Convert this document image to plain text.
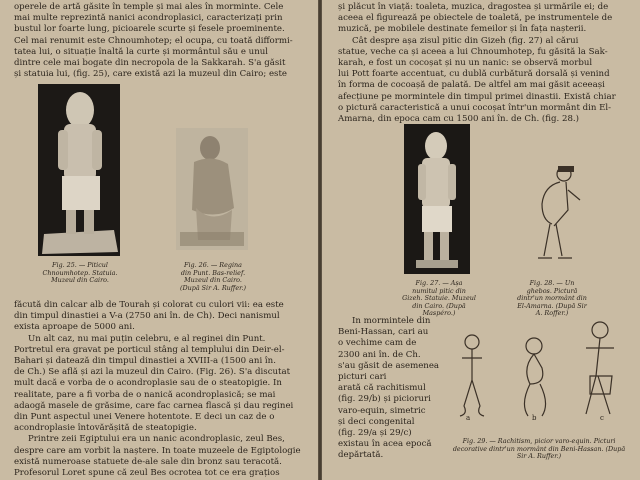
operele de artă găsite în temple și mai ales în morminte. Cele

mai multe reprezintă nanici acondroplasici, caracterizați prin

bustul lor foarte lung, picioarele scurte și fesele proeminente.

Cel mai renumit este Chnoumhotep; el ocupa, cu toată difformi-

tatea lui, o situație înaltă la curte și mormântul său e unul

dintre cele mai bogate din necropola de la Sakkarah. S'a găsit

și statuia lui, (fig. 25), care există azi la muzeul din Cairo; este

Fig. 25. — Piticul Chnoumhotep. Statuia. Muzeul din Cairo.

Fig. 26. — Regina din Punt. Bas-relief. Muzeul din Cairo. (După Sir A. Ruffer.)

făcută din calcar alb de Tourah și colorat cu culori vii: ea este

din timpul dinastiei a V-a (2750 ani în. de Ch). Deci nanismul

exista aproape de 5000 ani.

Un alt caz, nu mai puțin celebru, e al reginei din Punt.

Portretul era gravat pe porticul stâng al templului din Deir-el-

Bahari și datează din timpul dinastiei a XVIII-a (1500 ani în.

de Ch.) Se află și azi la muzeul din Cairo. (Fig. 26). S'a discutat

mult dacă e vorba de o acondroplasie sau de o steatopigie. In

realitate, pare a fi vorba de o nanică acondroplasică; se mai

adaogă masele de grăsime, care fac carnea flască și dau reginei

din Punt aspectul unei Venere hotentote. E deci un caz de o

acondroplasie întovărășită de steatopigie.

Printre zeii Egiptului era un nanic acondroplasic, zeul Bes,

despre care am vorbit la naștere. In toate muzeele de Egiptologie

există numeroase statuete de-ale sale din bronz sau teracotă.

Profesorul Loret spune că zeul Bes ocrotea tot ce era grațios

și plăcut în viață: toaleta, muzica, dragostea și urmările ei; de

aceea el figurează pe obiectele de toaletă, pe instrumentele de

muzică, pe mobilele destinate femeilor și în fața nașterii.

Cât despre așa zisul pitic din Gizeh (fig. 27) al cărui

statue, veche ca și aceea a lui Chnoumhotep, fu găsită la Sak-

karah, e fost un cocoșat și nu un nanic: se observă morbul

lui Pott foarte accentuat, cu dublă curbătură dorsală și venind

în forma de cocoașă de palată. De altfel am mai găsit aceeași

afecțiune pe mormintele din timpul primei dinastii. Există chiar

o pictură caracteristică a unui cocoșat într'un mormânt din El-

Amarna, din epoca cam cu 1500 ani în. de Ch. (fig. 28.)

Fig. 27. — Așa numitul pitic din Gizeh. Statuie. Muzeul din Cairo. (După Maspéro.)

Fig. 28. — Un ghebos. Pictură dintr'un mormânt din El-Amarna. (După Sir A. Roffer.)

In mormintele din

Beni-Hassan, cari au

o vechime cam de

2300 ani în. de Ch.

s'au găsit de asemenea

picturi cari

arată că rachitismul

(fig. 29/b) și picioruri

varo-equin, simetric

și deci congenital

(fig. 29/a și 29/c)

existau în acea epocă

depărtată.

a	b	c

Fig. 29. — Rachitism, picior varo-equin. Picturi decorative dintr'un mormânt din Beni-Hassan. (După Sir A. Ruffer.)
